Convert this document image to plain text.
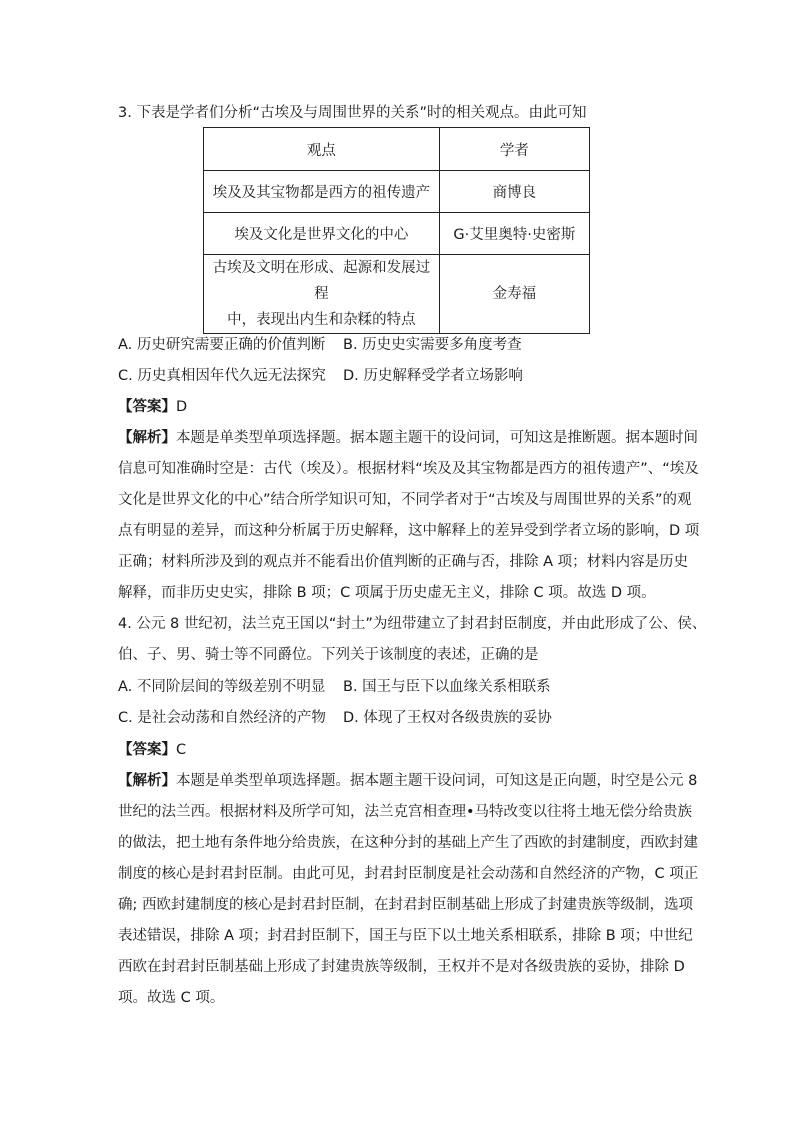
3. 下表是学者们分析“古埃及与周围世界的关系”时的相关观点。由此可知
观点	学者
埃及及其宝物都是西方的祖传遗产	商博良
埃及文化是世界文化的中心	G·艾里奥特·史密斯

古埃及文明在形成、起源和发展过程
中，表现出内生和杂糅的特点	金寿福
A. 历史研究需要正确的价值判断 B. 历史史实需要多角度考查
C. 历史真相因年代久远无法探究 D. 历史解释受学者立场影响
【答案】D
【解析】本题是单类型单项选择题。据本题主题干的设问词，可知这是推断题。据本题时间
信息可知准确时空是：古代（埃及）。根据材料“埃及及其宝物都是西方的祖传遗产”、“埃及
文化是世界文化的中心”结合所学知识可知，不同学者对于“古埃及与周围世界的关系”的观
点有明显的差异，而这种分析属于历史解释，这中解释上的差异受到学者立场的影响，D 项
正确；材料所涉及到的观点并不能看出价值判断的正确与否，排除 A 项；材料内容是历史
解释，而非历史史实，排除 B 项；C 项属于历史虚无主义，排除 C 项。故选 D 项。
4. 公元 8 世纪初，法兰克王国以“封土”为纽带建立了封君封臣制度，并由此形成了公、侯、
伯、子、男、骑士等不同爵位。下列关于该制度的表述，正确的是
A. 不同阶层间的等级差别不明显 B. 国王与臣下以血缘关系相联系
C. 是社会动荡和自然经济的产物 D. 体现了王权对各级贵族的妥协
【答案】C
【解析】本题是单类型单项选择题。据本题主题干设问词，可知这是正向题，时空是公元 8
世纪的法兰西。根据材料及所学可知，法兰克宫相查理•马特改变以往将土地无偿分给贵族
的做法，把土地有条件地分给贵族，在这种分封的基础上产生了西欧的封建制度，西欧封建
制度的核心是封君封臣制。由此可见，封君封臣制度是社会动荡和自然经济的产物，C 项正
确; 西欧封建制度的核心是封君封臣制，在封君封臣制基础上形成了封建贵族等级制，选项
表述错误，排除 A 项；封君封臣制下，国王与臣下以土地关系相联系，排除 B 项；中世纪
西欧在封君封臣制基础上形成了封建贵族等级制，王权并不是对各级贵族的妥协，排除 D
项。故选 C 项。
